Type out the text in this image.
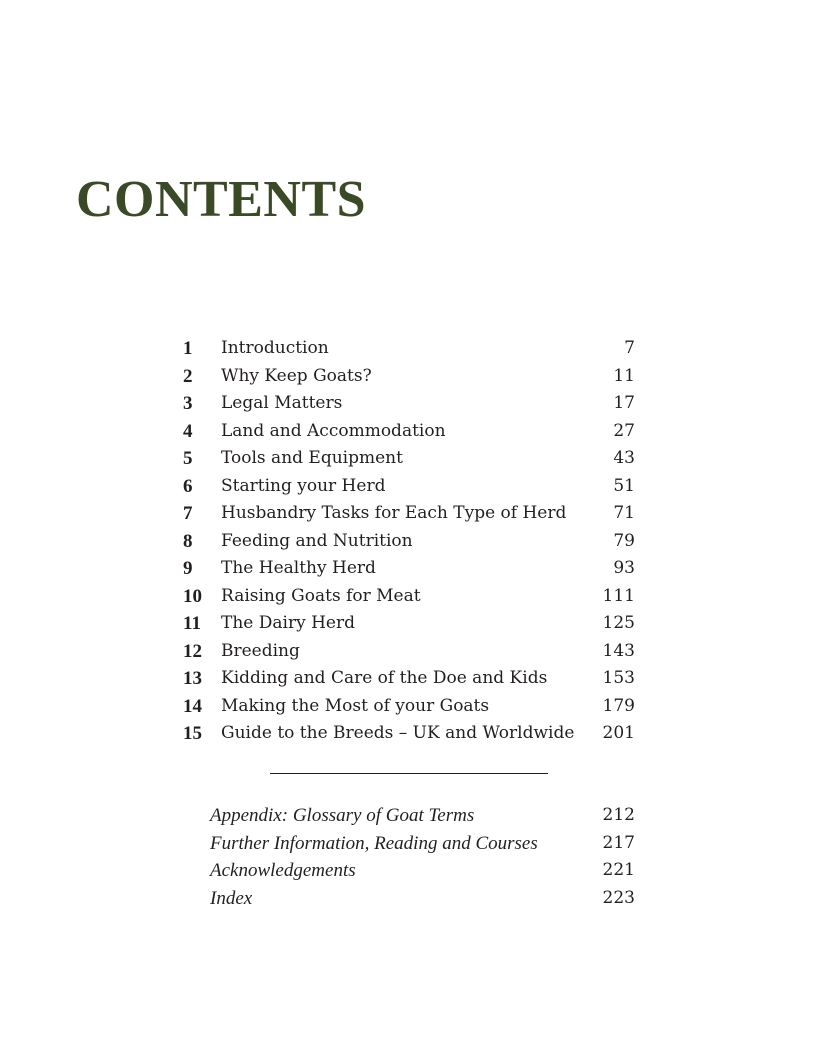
CONTENTS
1 Introduction	7
2 Why Keep Goats?	11
3 Legal Matters	17
4 Land and Accommodation	27
5 Tools and Equipment	43
6 Starting your Herd	51
7 Husbandry Tasks for Each Type of Herd	71
8 Feeding and Nutrition	79
9 The Healthy Herd	93
10 Raising Goats for Meat	111
11 The Dairy Herd	125
12 Breeding	143
13 Kidding and Care of the Doe and Kids	153
14 Making the Most of your Goats	179
15 Guide to the Breeds – UK and Worldwide 201
Appendix: Glossary of Goat Terms	212
Further Information, Reading and Courses	217
Acknowledgements	221
Index	223
